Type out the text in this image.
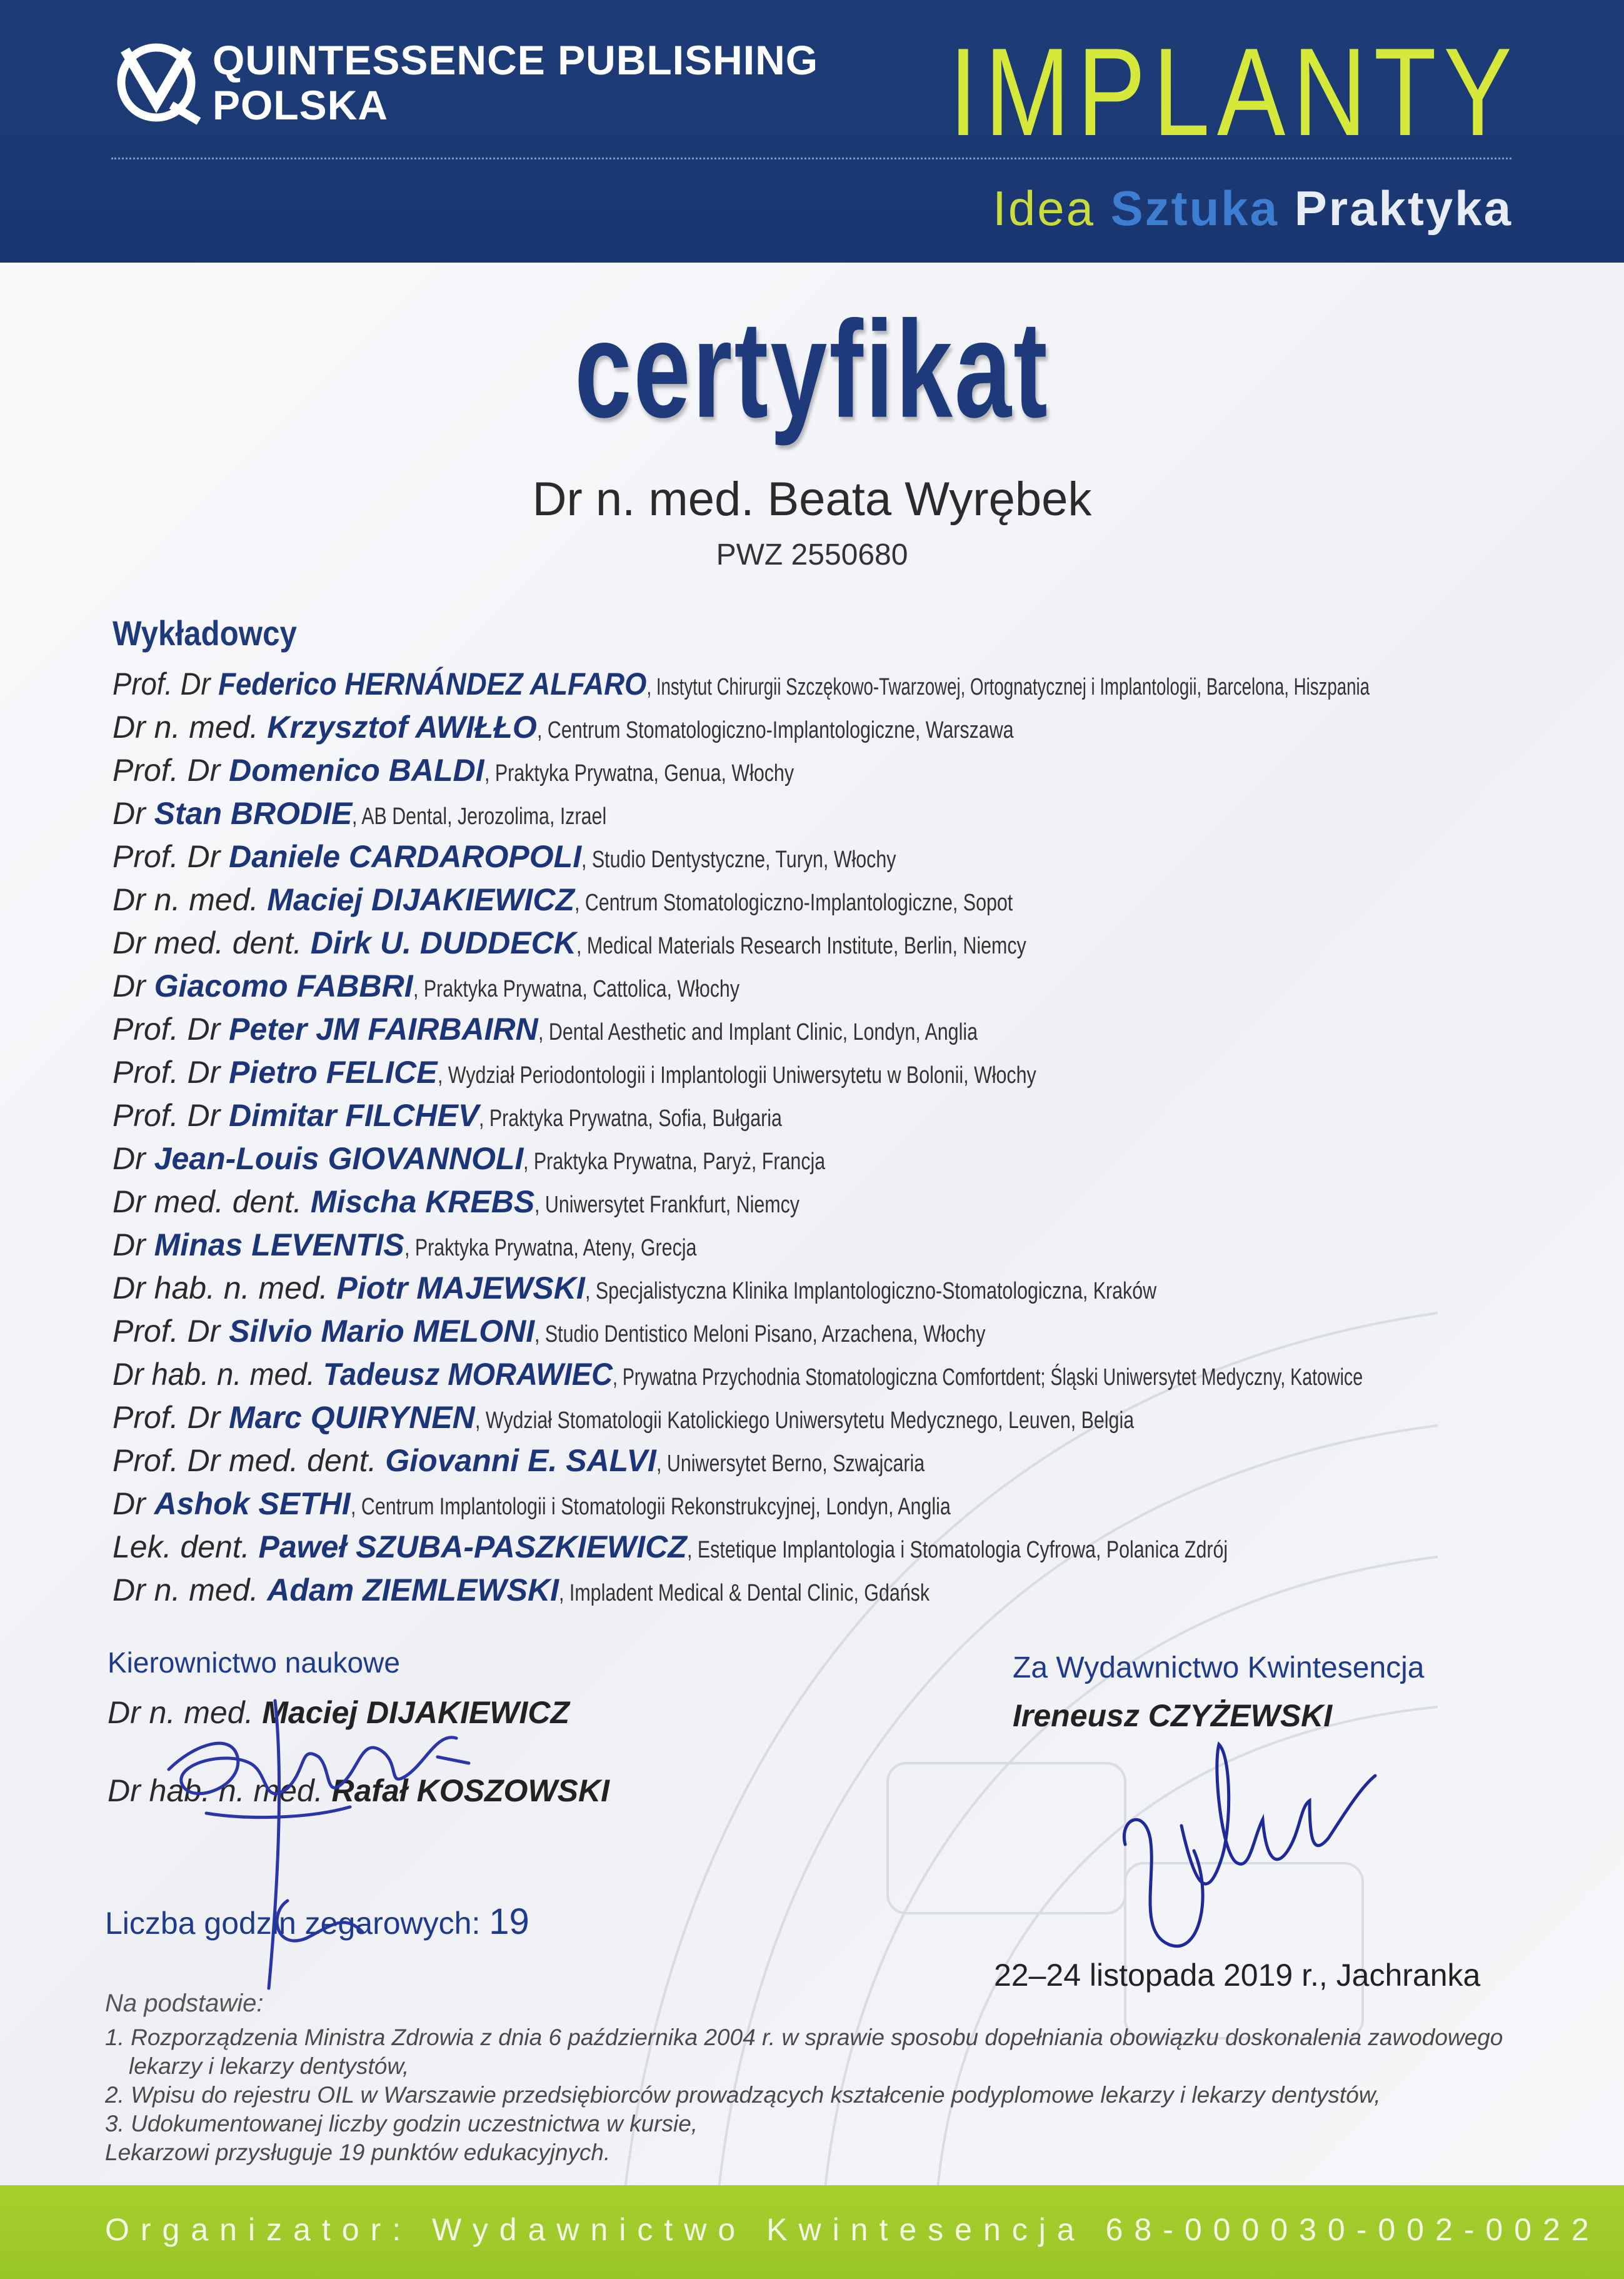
QUINTESSENCE PUBLISHING
POLSKA	IMPLANTY
Idea Sztuka Praktyka
certyfikat
Dr n. med. Beata Wyrębek
PWZ 2550680
Wykładowcy
Prof. Dr Federico HERNÁNDEZ ALFARO, Instytut Chirurgii Szczękowo-Twarzowej, Ortognatycznej i Implantologii, Barcelona, Hiszpania
Dr n. med. Krzysztof AWIŁŁO, Centrum Stomatologiczno-Implantologiczne, Warszawa
Prof. Dr Domenico BALDI, Praktyka Prywatna, Genua, Włochy
Dr Stan BRODIE, AB Dental, Jerozolima, Izrael
Prof. Dr Daniele CARDAROPOLI, Studio Dentystyczne, Turyn, Włochy
Dr n. med. Maciej DIJAKIEWICZ, Centrum Stomatologiczno-Implantologiczne, Sopot
Dr med. dent. Dirk U. DUDDECK, Medical Materials Research Institute, Berlin, Niemcy
Dr Giacomo FABBRI, Praktyka Prywatna, Cattolica, Włochy
Prof. Dr Peter JM FAIRBAIRN, Dental Aesthetic and Implant Clinic, Londyn, Anglia
Prof. Dr Pietro FELICE, Wydział Periodontologii i Implantologii Uniwersytetu w Bolonii, Włochy
Prof. Dr Dimitar FILCHEV, Praktyka Prywatna, Sofia, Bułgaria
Dr Jean-Louis GIOVANNOLI, Praktyka Prywatna, Paryż, Francja
Dr med. dent. Mischa KREBS, Uniwersytet Frankfurt, Niemcy
Dr Minas LEVENTIS, Praktyka Prywatna, Ateny, Grecja
Dr hab. n. med. Piotr MAJEWSKI, Specjalistyczna Klinika Implantologiczno-Stomatologiczna, Kraków
Prof. Dr Silvio Mario MELONI, Studio Dentistico Meloni Pisano, Arzachena, Włochy
Dr hab. n. med. Tadeusz MORAWIEC, Prywatna Przychodnia Stomatologiczna Comfortdent; Śląski Uniwersytet Medyczny, Katowice
Prof. Dr Marc QUIRYNEN, Wydział Stomatologii Katolickiego Uniwersytetu Medycznego, Leuven, Belgia
Prof. Dr med. dent. Giovanni E. SALVI, Uniwersytet Berno, Szwajcaria
Dr Ashok SETHI, Centrum Implantologii i Stomatologii Rekonstrukcyjnej, Londyn, Anglia
Lek. dent. Paweł SZUBA-PASZKIEWICZ, Estetique Implantologia i Stomatologia Cyfrowa, Polanica Zdrój
Dr n. med. Adam ZIEMLEWSKI, Impladent Medical & Dental Clinic, Gdańsk
Kierownictwo naukowe
Dr n. med. Maciej DIJAKIEWICZ
Dr hab. n. med. Rafał KOSZOWSKI
Za Wydawnictwo Kwintesencja
Ireneusz CZYŻEWSKI
Liczba godzin zegarowych: 19
22–24 listopada 2019 r., Jachranka
Na podstawie:
1. Rozporządzenia Ministra Zdrowia z dnia 6 października 2004 r. w sprawie sposobu dopełniania obowiązku doskonalenia zawodowego
lekarzy i lekarzy dentystów,
2. Wpisu do rejestru OIL w Warszawie przedsiębiorców prowadzących kształcenie podyplomowe lekarzy i lekarzy dentystów,
3. Udokumentowanej liczby godzin uczestnictwa w kursie,
Lekarzowi przysługuje 19 punktów edukacyjnych.
Organizator: Wydawnictwo Kwintesencja 68-000030-002-0022
